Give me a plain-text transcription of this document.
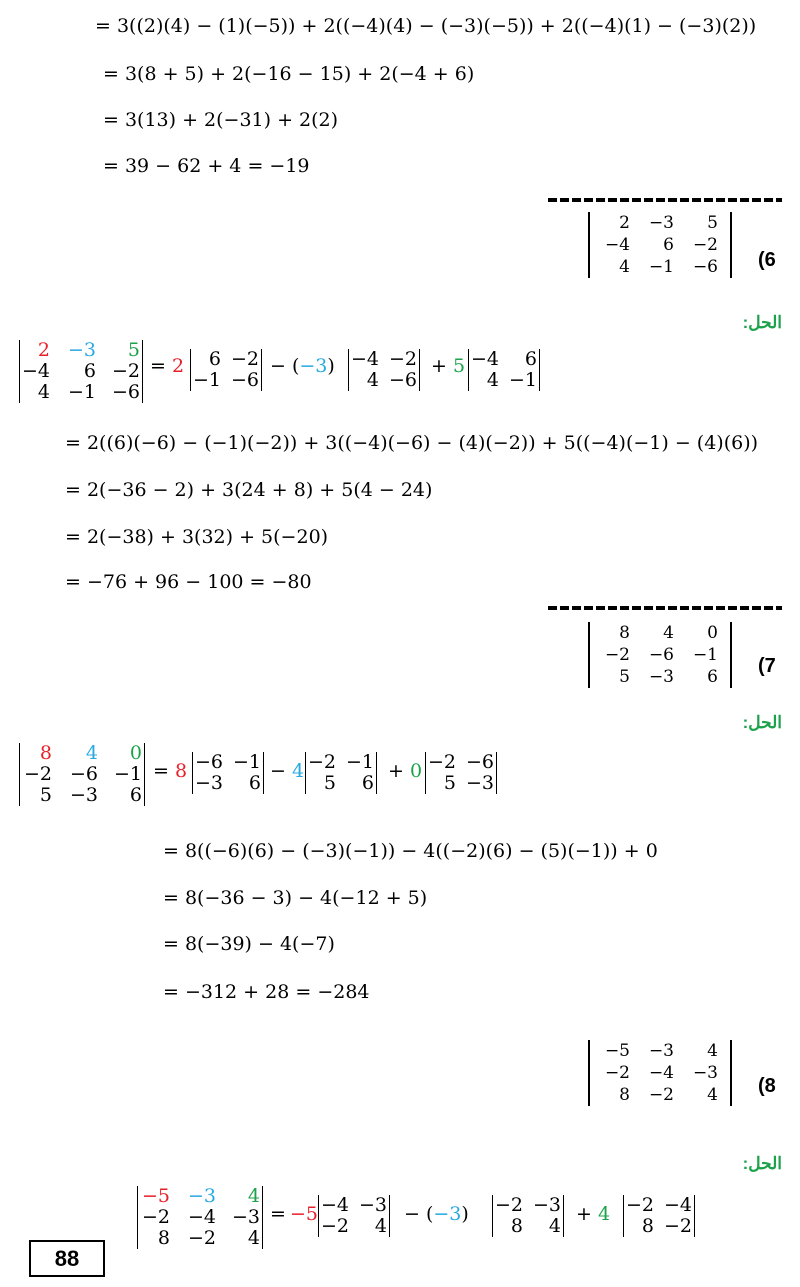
= 3((2)(4) − (1)(−5)) + 2((−4)(4) − (−3)(−5)) + 2((−4)(1) − (−3)(2))
= 3(8 + 5) + 2(−16 − 15) + 2(−4 + 6)
= 3(13) + 2(−31) + 2(2)
= 39 − 62 + 4 = −19
2	−3	5
−4	6	−2
4	−1	−6 (6
الحل:
2 −3	5
−4	6 −2
4 −1 −6
= 2	6 −2
−1 −6
− (−3) −4 −2
4 −6
+ 5 −4	6
4 −1
= 2((6)(−6) − (−1)(−2)) + 3((−4)(−6) − (4)(−2)) + 5((−4)(−1) − (4)(6))
= 2(−36 − 2) + 3(24 + 8) + 5(4 − 24)
= 2(−38) + 3(32) + 5(−20)
= −76 + 96 − 100 = −80
8	4	0
−2	−6	−1
5	−3	6
(7
الحل:
8	4	0
−2 −6 −1
5 −3	6
= 8 −6 −1
−3	6
− 4 −2 −1
5	6
+ 0 −2 −6
5 −3
= 8((−6)(6) − (−3)(−1)) − 4((−2)(6) − (5)(−1)) + 0
= 8(−36 − 3) − 4(−12 + 5)
= 8(−39) − 4(−7)
= −312 + 28 = −284
−5	−3	4
−2	−4	−3
8	−2	4 (8
الحل:
−5 −3	4
−2 −4 −3
8 −2	4
= −5 −4 −3
−2	4
− (−3) −2 −3
8	4
+ 4 −2 −4
8 −2
88
